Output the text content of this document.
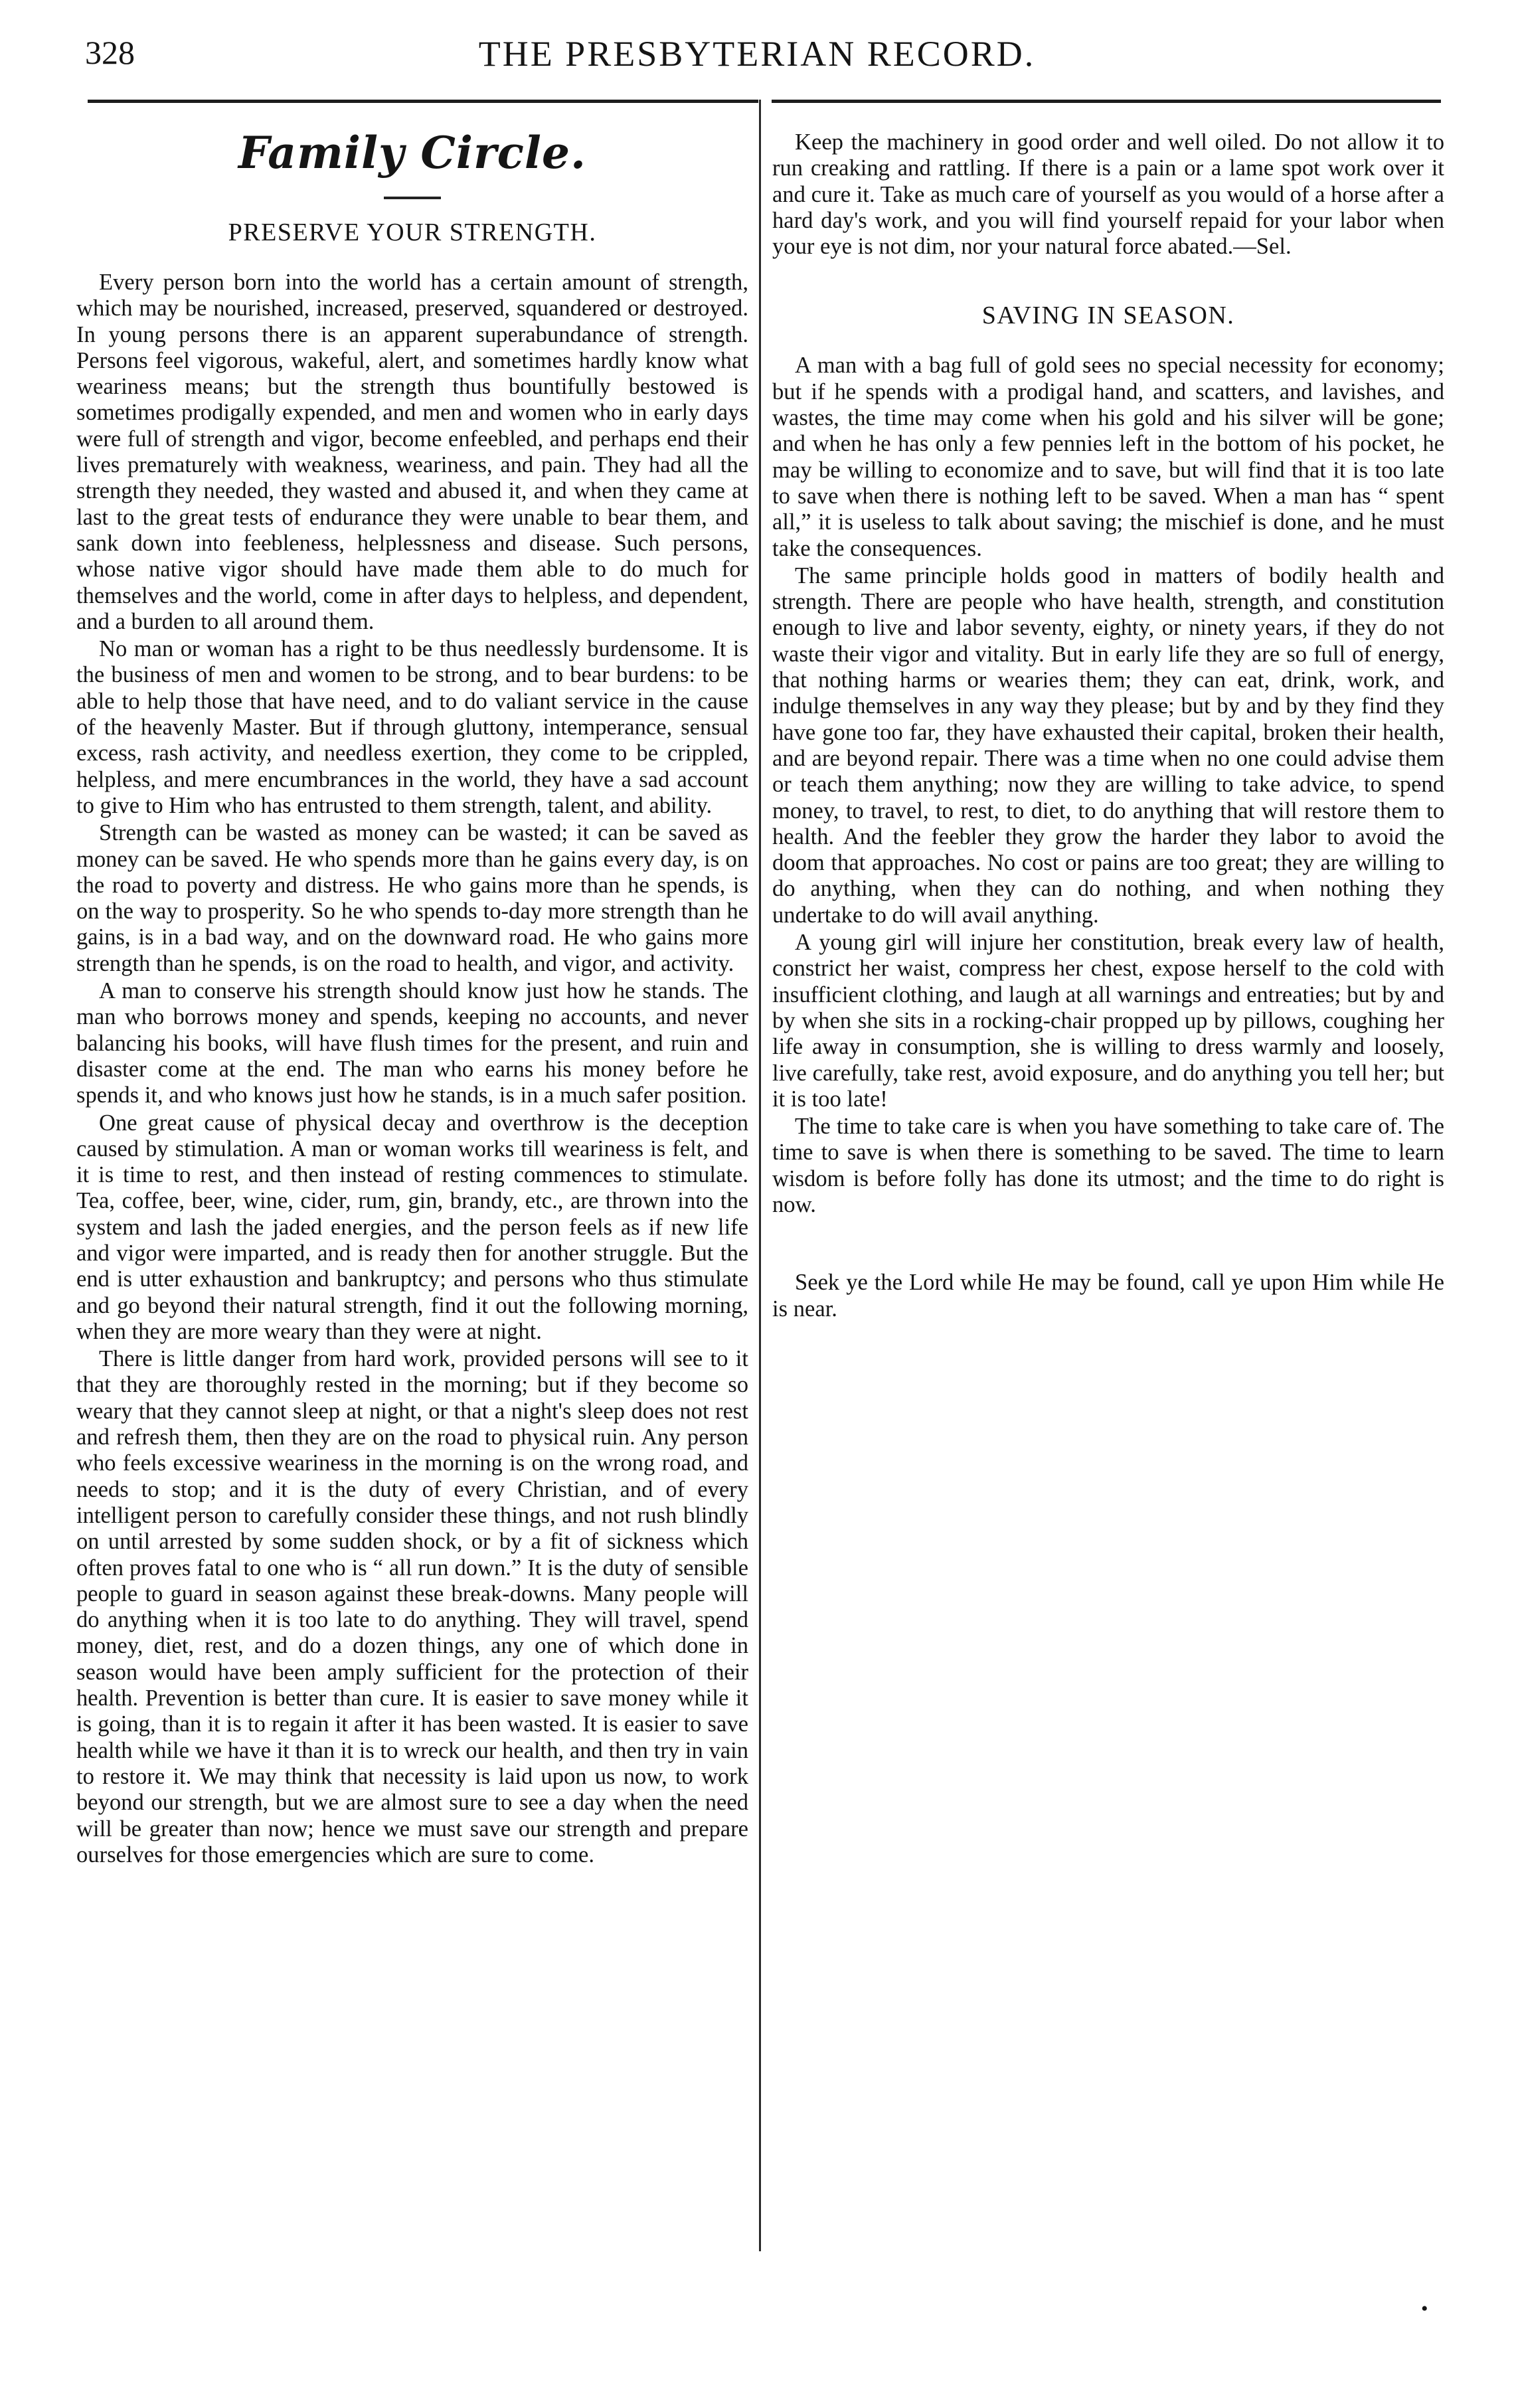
328	THE PRESBYTERIAN RECORD.
Family Circle.
PRESERVE YOUR STRENGTH.

Every person born into the world has a certain amount of strength, which may be nourished, increased, preserved, squandered or destroyed. In young persons there is an apparent superabundance of strength. Persons feel vigorous, wakeful, alert, and sometimes hardly know what weariness means; but the strength thus bountifully bestowed is sometimes prodigally expended, and men and women who in early days were full of strength and vigor, become enfeebled, and perhaps end their lives prematurely with weakness, weariness, and pain. They had all the strength they needed, they wasted and abused it, and when they came at last to the great tests of endurance they were unable to bear them, and sank down into feebleness, helplessness and disease. Such persons, whose native vigor should have made them able to do much for themselves and the world, come in after days to helpless, and dependent, and a burden to all around them.

No man or woman has a right to be thus needlessly burdensome. It is the business of men and women to be strong, and to bear burdens: to be able to help those that have need, and to do valiant service in the cause of the heavenly Master. But if through gluttony, intemperance, sensual excess, rash activity, and needless exertion, they come to be crippled, helpless, and mere encumbrances in the world, they have a sad account to give to Him who has entrusted to them strength, talent, and ability.

Strength can be wasted as money can be wasted; it can be saved as money can be saved. He who spends more than he gains every day, is on the road to poverty and distress. He who gains more than he spends, is on the way to prosperity. So he who spends to-day more strength than he gains, is in a bad way, and on the downward road. He who gains more strength than he spends, is on the road to health, and vigor, and activity.

A man to conserve his strength should know just how he stands. The man who borrows money and spends, keeping no accounts, and never balancing his books, will have flush times for the present, and ruin and disaster come at the end. The man who earns his money before he spends it, and who knows just how he stands, is in a much safer position.

One great cause of physical decay and overthrow is the deception caused by stimulation. A man or woman works till weariness is felt, and it is time to rest, and then instead of resting commences to stimulate. Tea, coffee, beer, wine, cider, rum, gin, brandy, etc., are thrown into the system and lash the jaded energies, and the person feels as if new life and vigor were imparted, and is ready then for another struggle. But the end is utter exhaustion and bankruptcy; and persons who thus stimulate and go beyond their natural strength, find it out the following morning, when they are more weary than they were at night.

There is little danger from hard work, provided persons will see to it that they are thoroughly rested in the morning; but if they become so weary that they cannot sleep at night, or that a night's sleep does not rest and refresh them, then they are on the road to physical ruin. Any person who feels excessive weariness in the morning is on the wrong road, and needs to stop; and it is the duty of every Christian, and of every intelligent person to carefully consider these things, and not rush blindly on until arrested by some sudden shock, or by a fit of sickness which often proves fatal to one who is “ all run down.” It is the duty of sensible people to guard in season against these break-downs. Many people will do anything when it is too late to do anything. They will travel, spend money, diet, rest, and do a dozen things, any one of which done in season would have been amply sufficient for the protection of their health. Prevention is better than cure. It is easier to save money while it is going, than it is to regain it after it has been wasted. It is easier to save health while we have it than it is to wreck our health, and then try in vain to restore it. We may think that necessity is laid upon us now, to work beyond our strength, but we are almost sure to see a day when the need will be greater than now; hence we must save our strength and prepare ourselves for those emergencies which are sure to come.

Keep the machinery in good order and well oiled. Do not allow it to run creaking and rattling. If there is a pain or a lame spot work over it and cure it. Take as much care of yourself as you would of a horse after a hard day's work, and you will find yourself repaid for your labor when your eye is not dim, nor your natural force abated.—Sel.

SAVING IN SEASON.

A man with a bag full of gold sees no special necessity for economy; but if he spends with a prodigal hand, and scatters, and lavishes, and wastes, the time may come when his gold and his silver will be gone; and when he has only a few pennies left in the bottom of his pocket, he may be willing to economize and to save, but will find that it is too late to save when there is nothing left to be saved. When a man has “ spent all,” it is useless to talk about saving; the mischief is done, and he must take the consequences.

The same principle holds good in matters of bodily health and strength. There are people who have health, strength, and constitution enough to live and labor seventy, eighty, or ninety years, if they do not waste their vigor and vitality. But in early life they are so full of energy, that nothing harms or wearies them; they can eat, drink, work, and indulge themselves in any way they please; but by and by they find they have gone too far, they have exhausted their capital, broken their health, and are beyond repair. There was a time when no one could advise them or teach them anything; now they are willing to take advice, to spend money, to travel, to rest, to diet, to do anything that will restore them to health. And the feebler they grow the harder they labor to avoid the doom that approaches. No cost or pains are too great; they are willing to do anything, when they can do nothing, and when nothing they undertake to do will avail anything.

A young girl will injure her constitution, break every law of health, constrict her waist, compress her chest, expose herself to the cold with insufficient clothing, and laugh at all warnings and entreaties; but by and by when she sits in a rocking-chair propped up by pillows, coughing her life away in consumption, she is willing to dress warmly and loosely, live carefully, take rest, avoid exposure, and do anything you tell her; but it is too late!

The time to take care is when you have something to take care of. The time to save is when there is something to be saved. The time to learn wisdom is before folly has done its utmost; and the time to do right is now.

Seek ye the Lord while He may be found, call ye upon Him while He is near.

•
